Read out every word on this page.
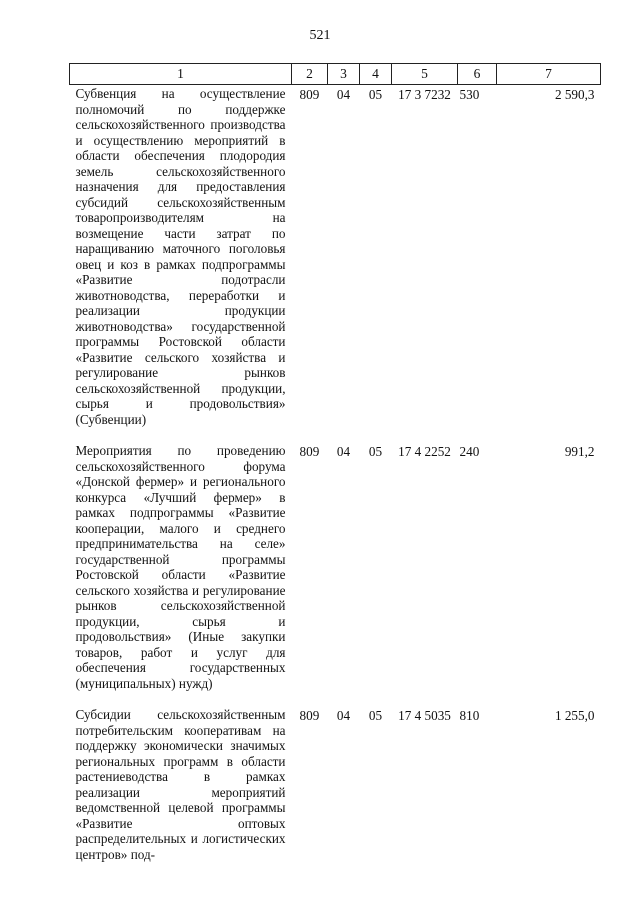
521
1	2	3	4	5	6	7
Субвенция на осуществление полномочий по поддержке сельскохозяйственного производства и осуществлению мероприятий в области обеспечения плодородия земель сельскохозяйственного назначения для предоставления субсидий сельскохозяйственным товаропроизводителям на возмещение части затрат по наращиванию маточного поголовья овец и коз в рамках подпрограммы «Развитие подотрасли животноводства, переработки и реализации продукции животноводства» государственной программы Ростовской области «Развитие сельского хозяйства и регулирование рынков сельскохозяйственной продукции, сырья и продовольствия» (Субвенции)	809	04	05	17 3 7232	530	2 590,3
Мероприятия по проведению сельскохозяйственного форума «Донской фермер» и регионального конкурса «Лучший фермер» в рамках подпрограммы «Развитие кооперации, малого и среднего предпринимательства на селе» государственной программы Ростовской области «Развитие сельского хозяйства и регулирование рынков сельскохозяйственной продукции, сырья и продовольствия» (Иные закупки товаров, работ и услуг для обеспечения государственных (муниципальных) нужд)	809	04	05	17 4 2252	240	991,2
Субсидии сельскохозяйственным потребительским кооперативам на поддержку экономически значимых региональных программ в области растениеводства в рамках реализации мероприятий ведомственной целевой программы «Развитие оптовых распределительных и логистических центров» под-	809	04	05	17 4 5035	810	1 255,0
